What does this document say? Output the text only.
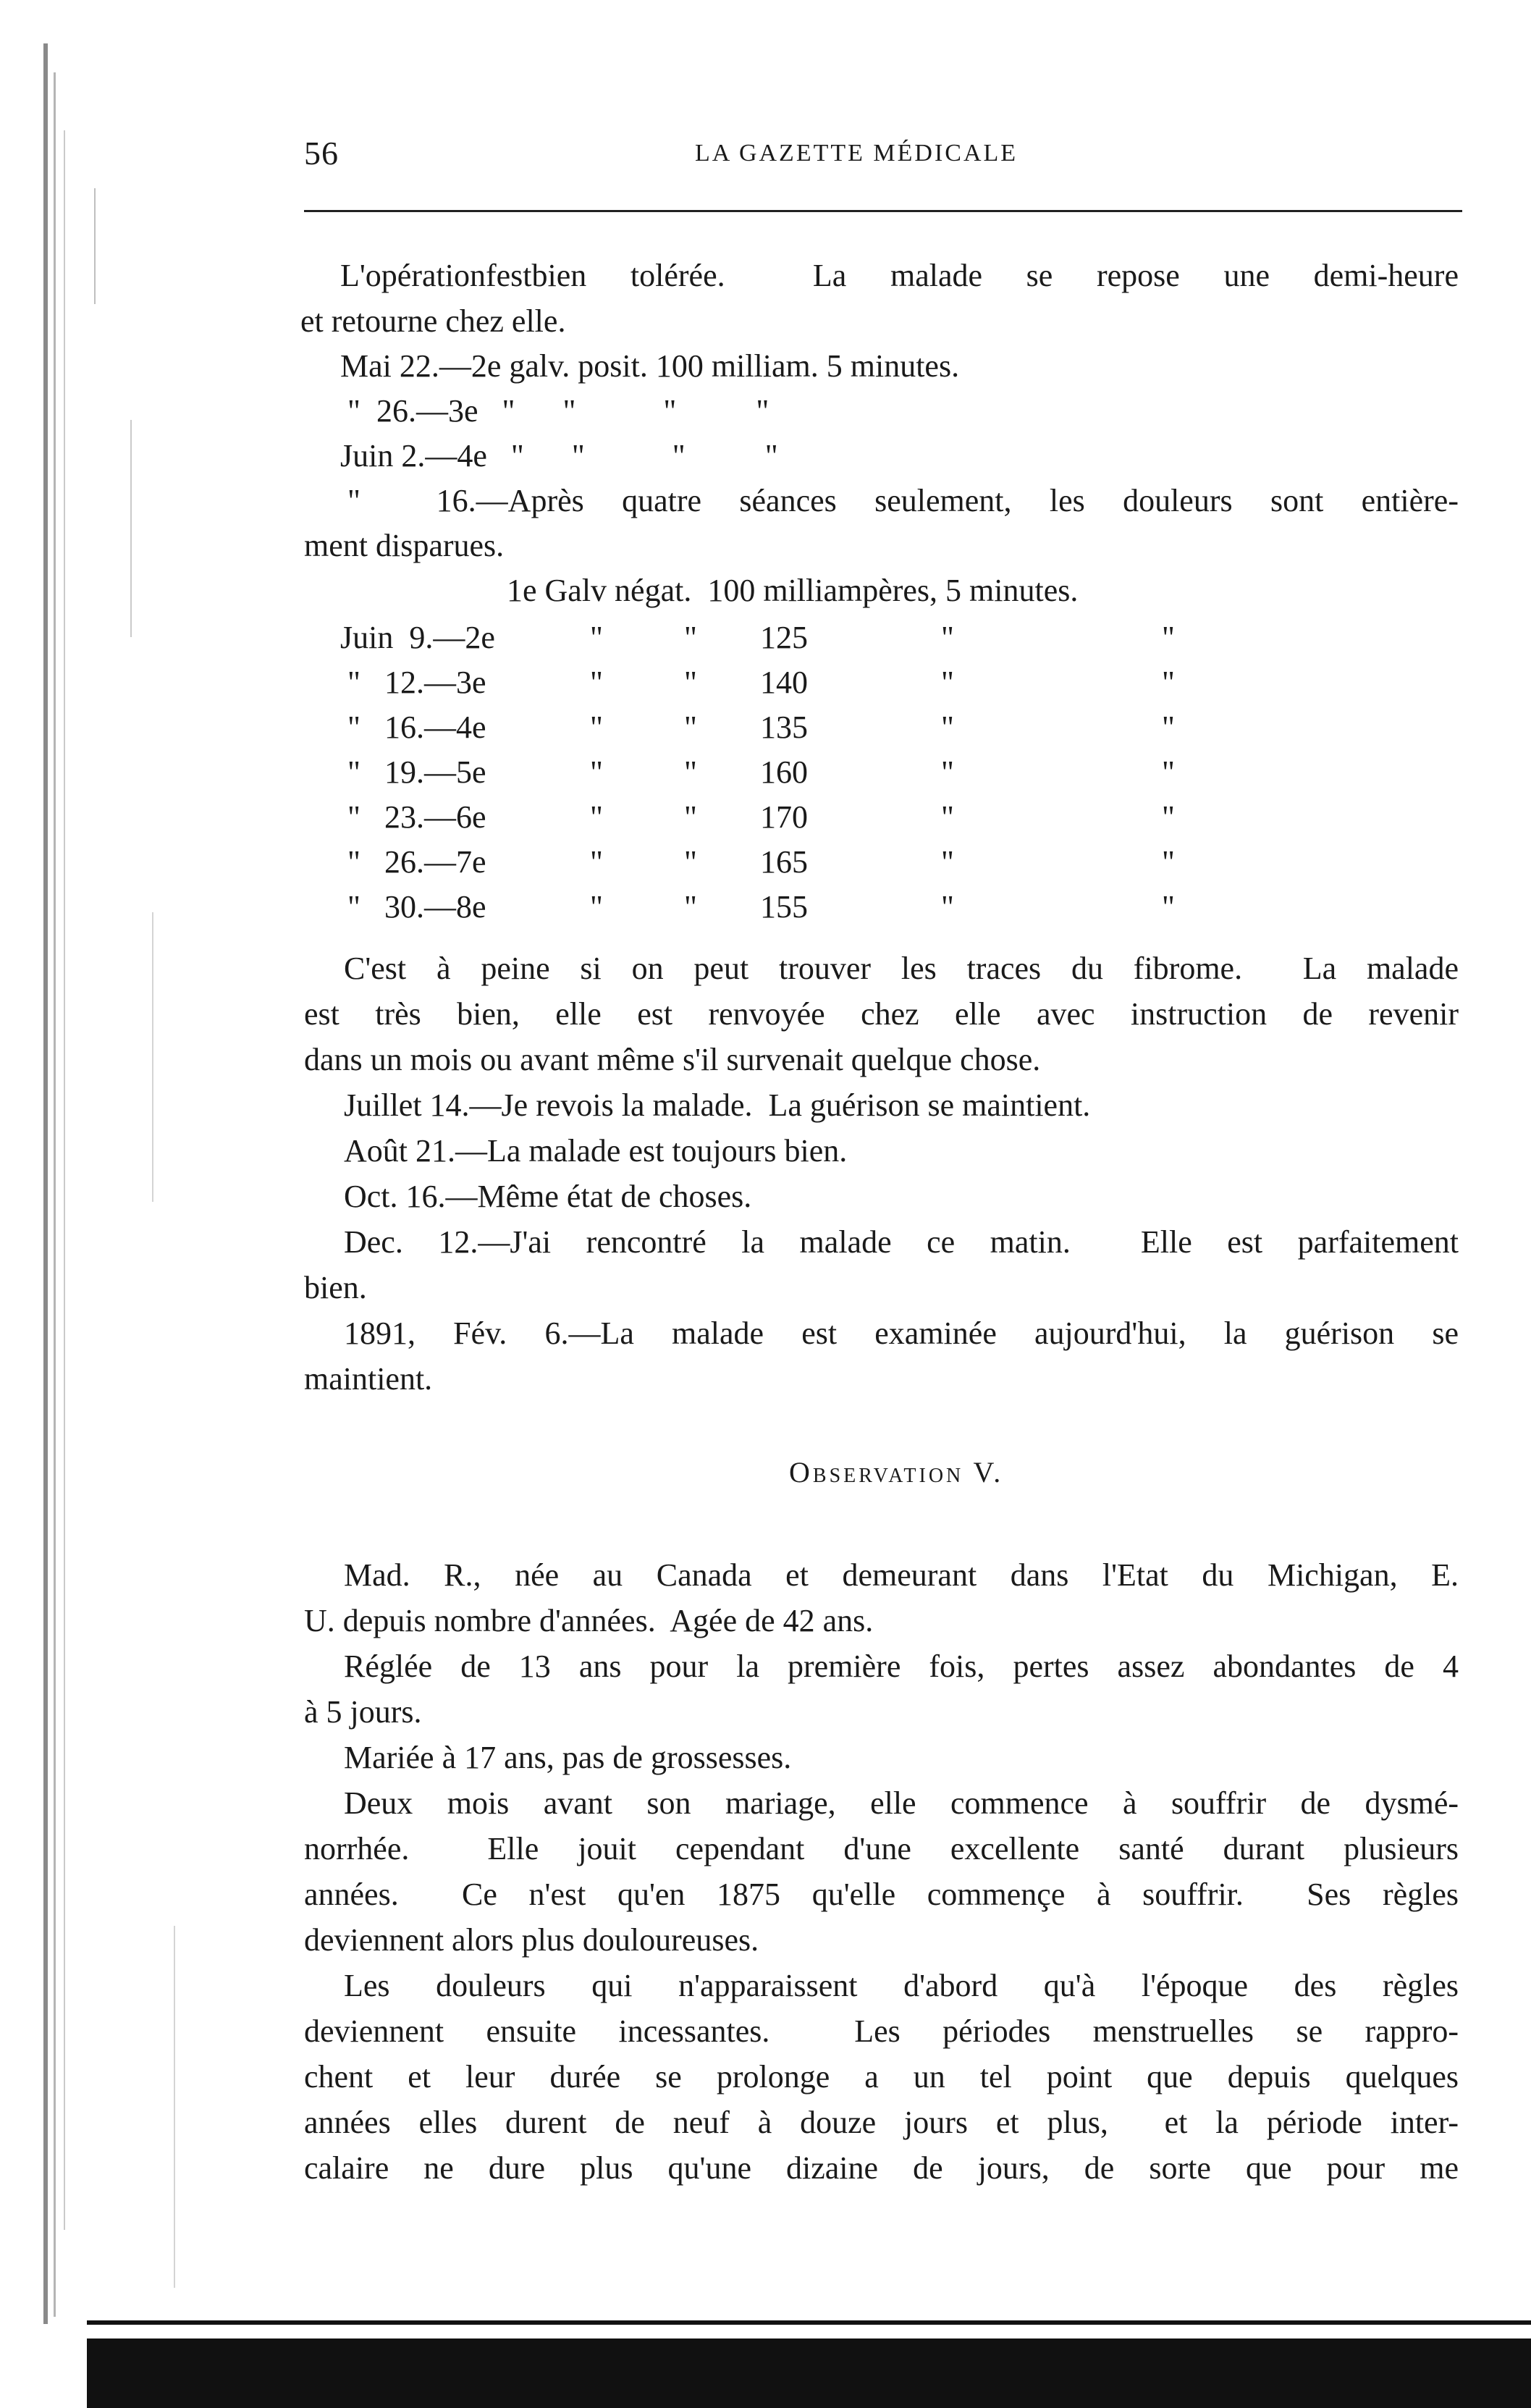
56	LA GAZETTE MÉDICALE
L'opérationfestbien tolérée.  La malade se repose une demi-heure
et retourne chez elle.
Mai 22.—2e galv. posit. 100 milliam. 5 minutes.
"  26.—3e   "      "           "          "
Juin 2.—4e   "      "           "          "
"  16.—Après quatre séances seulement, les douleurs sont entière-
ment disparues.
1e Galv négat.  100 milliampères, 5 minutes.
Juin  9.—2e	"	" 125	"	"
"   12.—3e	"	" 140	"	"
"   16.—4e	"	" 135	"	"
"   19.—5e	"	" 160	"	"
"   23.—6e	"	" 170	"	"
"   26.—7e	"	" 165	"	"
"   30.—8e	"	" 155	"	"
C'est à peine si on peut trouver les traces du fibrome.  La malade
est très bien, elle est renvoyée chez elle avec instruction de revenir
dans un mois ou avant même s'il survenait quelque chose.
Juillet 14.—Je revois la malade.  La guérison se maintient.
Août 21.—La malade est toujours bien.
Oct. 16.—Même état de choses.
Dec. 12.—J'ai rencontré la malade ce matin.  Elle est parfaitement
bien.
1891, Fév. 6.—La malade est examinée aujourd'hui, la guérison se
maintient.
Observation V.
Mad. R., née au Canada et demeurant dans l'Etat du Michigan, E.
U. depuis nombre d'années.  Agée de 42 ans.
Réglée de 13 ans pour la première fois, pertes assez abondantes de 4
à 5 jours.
Mariée à 17 ans, pas de grossesses.
Deux mois avant son mariage, elle commence à souffrir de dysmé-
norrhée.  Elle jouit cependant d'une excellente santé durant plusieurs
années.  Ce n'est qu'en 1875 qu'elle commençe à souffrir.  Ses règles
deviennent alors plus douloureuses.
Les douleurs qui n'apparaissent d'abord qu'à l'époque des règles
deviennent ensuite incessantes.  Les périodes menstruelles se rappro-
chent et leur durée se prolonge a un tel point que depuis quelques
années elles durent de neuf à douze jours et plus,  et la période inter-
calaire ne dure plus qu'une dizaine de jours, de sorte que pour me
